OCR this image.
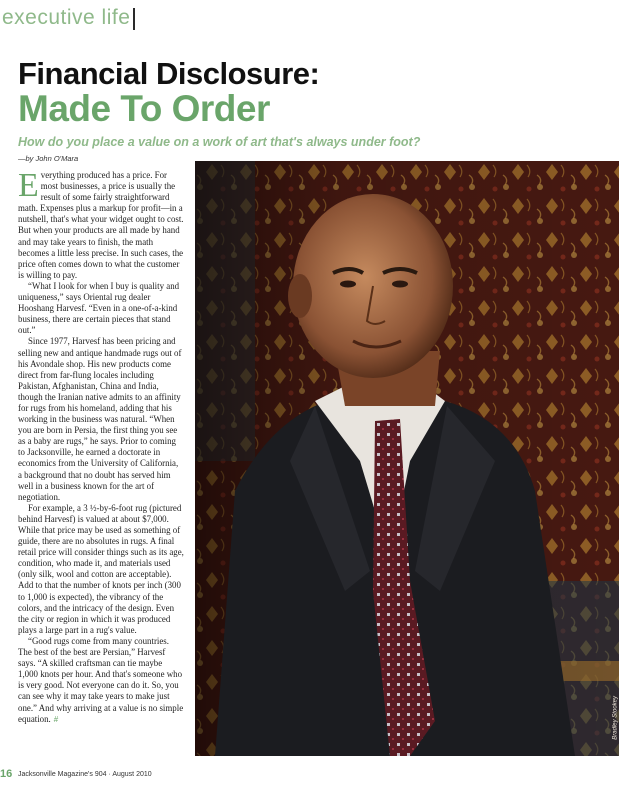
executive life
Financial Disclosure:
Made To Order
How do you place a value on a work of art that's always under foot?
—by John O'Mara

Everything produced has a price. For most businesses, a price is usually the result of some fairly straightforward math. Expenses plus a markup for profit—in a nutshell, that's what your widget ought to cost. But when your products are all made by hand and may take years to finish, the math becomes a little less precise. In such cases, the price often comes down to what the customer is willing to pay.

“What I look for when I buy is quality and uniqueness,” says Oriental rug dealer Hooshang Harvesf. “Even in a one-of-a-kind business, there are certain pieces that stand out.”

Since 1977, Harvesf has been pricing and selling new and antique handmade rugs out of his Avondale shop. His new products come direct from far-flung locales including Pakistan, Afghanistan, China and India, though the Iranian native admits to an affinity for rugs from his homeland, adding that his working in the business was natural. “When you are born in Persia, the first thing you see as a baby are rugs,” he says. Prior to coming to Jacksonville, he earned a doctorate in economics from the University of California, a background that no doubt has served him well in a business known for the art of negotiation.

For example, a 3 ½-by-6-foot rug (pictured behind Harvesf) is valued at about $7,000. While that price may be used as something of guide, there are no absolutes in rugs. A final retail price will consider things such as its age, condition, who made it, and materials used (only silk, wool and cotton are acceptable). Add to that the number of knots per inch (300 to 1,000 is expected), the vibrancy of the colors, and the intricacy of the design. Even the city or region in which it was produced plays a large part in a rug's value.

“Good rugs come from many countries. The best of the best are Persian,” Harvesf says. “A skilled craftsman can tie maybe 1,000 knots per hour. And that's someone who is very good. Not everyone can do it. So, you can see why it may take years to make just one.” And why arriving at a value is no simple equation. #	Bradley Stookey
16 Jacksonville Magazine's 904 · August 2010
